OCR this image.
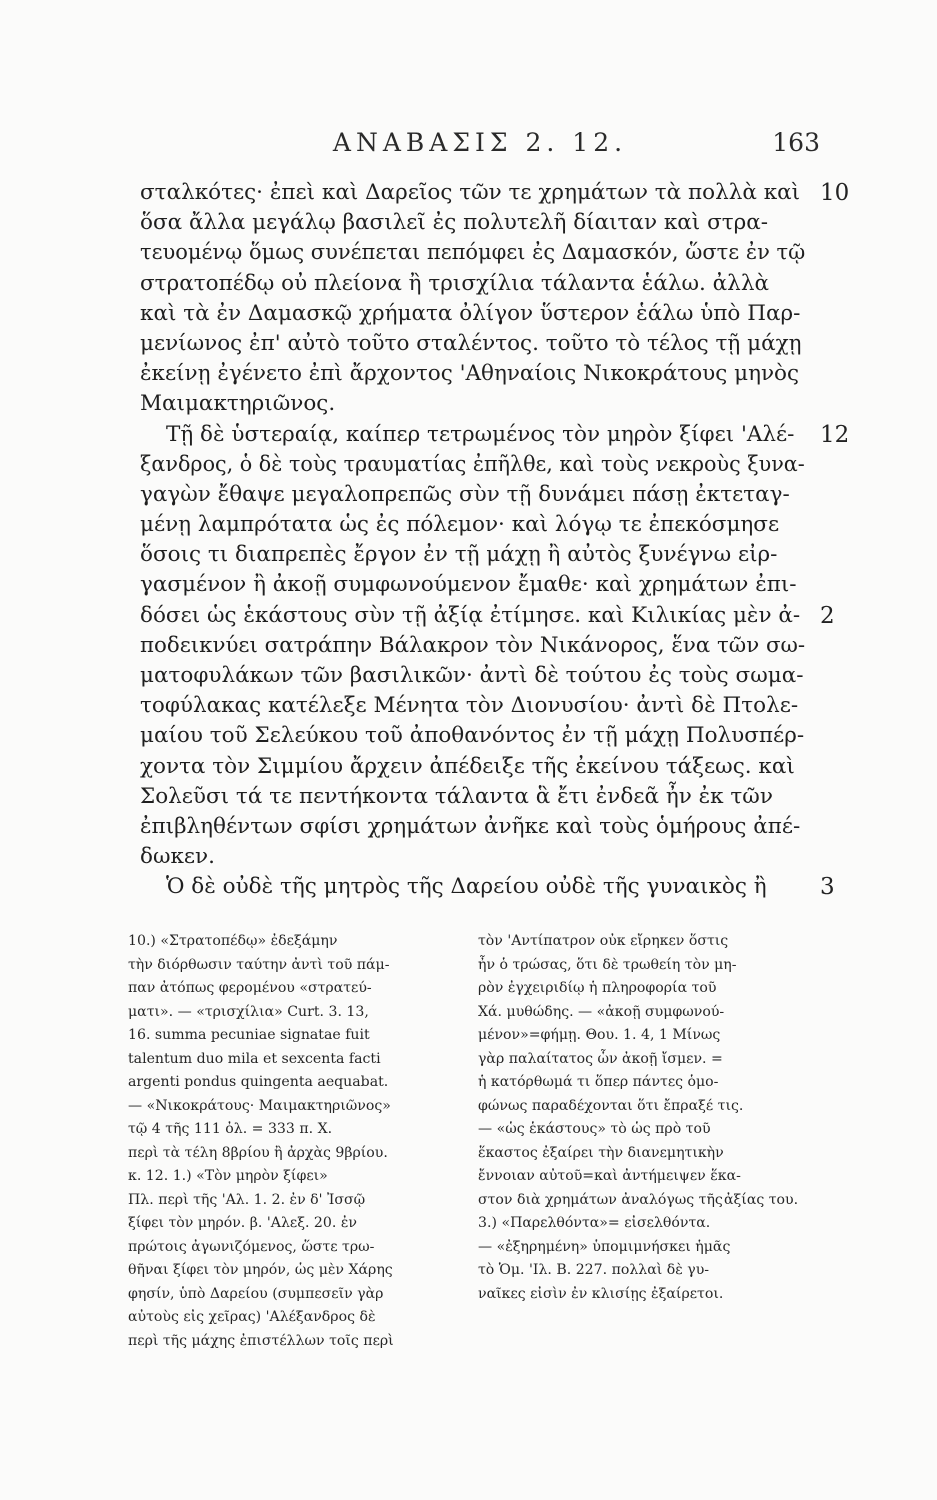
ΑΝΑΒΑΣΙΣ 2. 12.	163
σταλκότες· ἐπεὶ καὶ Δαρεῖος τῶν τε χρημάτων τὰ πολλὰ καὶ 10
ὅσα ἄλλα μεγάλῳ βασιλεῖ ἐς πολυτελῆ δίαιταν καὶ στρα-
τευομένῳ ὅμως συνέπεται πεπόμφει ἐς Δαμασκόν, ὥστε ἐν τῷ
στρατοπέδῳ οὐ πλείονα ἢ τρισχίλια τάλαντα ἑάλω. ἀλλὰ
καὶ τὰ ἐν Δαμασκῷ χρήματα ὀλίγον ὕστερον ἑάλω ὑπὸ Παρ-
μενίωνος ἐπ' αὐτὸ τοῦτο σταλέντος. τοῦτο τὸ τέλος τῇ μάχῃ
ἐκείνῃ ἐγένετο ἐπὶ ἄρχοντος 'Αθηναίοις Νικοκράτους μηνὸς
Μαιμακτηριῶνος.
Τῇ δὲ ὑστεραίᾳ, καίπερ τετρωμένος τὸν μηρὸν ξίφει 'Αλέ- 12
ξανδρος, ὁ δὲ τοὺς τραυματίας ἐπῆλθε, καὶ τοὺς νεκροὺς ξυνα-
γαγὼν ἔθαψε μεγαλοπρεπῶς σὺν τῇ δυνάμει πάσῃ ἐκτεταγ-
μένῃ λαμπρότατα ὡς ἐς πόλεμον· καὶ λόγῳ τε ἐπεκόσμησε
ὅσοις τι διαπρεπὲς ἔργον ἐν τῇ μάχῃ ἢ αὐτὸς ξυνέγνω εἰρ-
γασμένον ἢ ἀκοῇ συμφωνούμενον ἔμαθε· καὶ χρημάτων ἐπι-
δόσει ὡς ἑκάστους σὺν τῇ ἀξίᾳ ἐτίμησε. καὶ Κιλικίας μὲν ἀ- 2
ποδεικνύει σατράπην Βάλακρον τὸν Νικάνορος, ἕνα τῶν σω-
ματοφυλάκων τῶν βασιλικῶν· ἀντὶ δὲ τούτου ἐς τοὺς σωμα-
τοφύλακας κατέλεξε Μένητα τὸν Διονυσίου· ἀντὶ δὲ Πτολε-
μαίου τοῦ Σελεύκου τοῦ ἀποθανόντος ἐν τῇ μάχῃ Πολυσπέρ-
χοντα τὸν Σιμμίου ἄρχειν ἀπέδειξε τῆς ἐκείνου τάξεως. καὶ
Σολεῦσι τά τε πεντήκοντα τάλαντα ἃ ἔτι ἐνδεᾶ ἦν ἐκ τῶν
ἐπιβληθέντων σφίσι χρημάτων ἀνῆκε καὶ τοὺς ὁμήρους ἀπέ-
δωκεν.
Ὁ δὲ οὐδὲ τῆς μητρὸς τῆς Δαρείου οὐδὲ τῆς γυναικὸς ἢ 3
10.) «Στρατοπέδῳ» ἐδεξάμηντὴν διόρθωσιν ταύτην ἀντὶ τοῦ πάμ-παν ἀτόπως φερομένου «στρατεύ-ματι». — «τρισχίλια» Curt. 3. 13,16. summa pecuniae signatae fuittalentum duo mila et sexcenta factiargenti pondus quingenta aequabat.— «Νικοκράτους· Μαιμακτηριῶνος»τῷ 4 τῆς 111 ὀλ. = 333 π. Χ.περὶ τὰ τέλη 8βρίου ἢ ἀρχὰς 9βρίου.κ. 12. 1.) «Τὸν μηρὸν ξίφει»Πλ. περὶ τῆς 'Αλ. 1. 2. ἐν δ' Ἰσσῷξίφει τὸν μηρόν. β. 'Αλεξ. 20. ἐνπρώτοις ἀγωνιζόμενος, ὥστε τρω-θῆναι ξίφει τὸν μηρόν, ὡς μὲν Χάρηςφησίν, ὑπὸ Δαρείου (συμπεσεῖν γὰραὐτοὺς εἰς χεῖρας) 'Αλέξανδρος δὲπερὶ τῆς μάχης ἐπιστέλλων τοῖς περὶ
τὸν 'Αντίπατρον οὐκ εἴρηκεν ὅστιςἦν ὁ τρώσας, ὅτι δὲ τρωθείη τὸν μη-ρὸν ἐγχειριδίῳ ἡ πληροφορία τοῦΧά. μυθώδης. — «ἀκοῇ συμφωνού-μένον»=φήμῃ. Θου. 1. 4, 1 Μίνωςγὰρ παλαίτατος ὧν ἀκοῇ ἴσμεν. =ἡ κατόρθωμά τι ὅπερ πάντες ὁμο-φώνως παραδέχονται ὅτι ἔπραξέ τις.— «ὡς ἑκάστους» τὸ ὡς πρὸ τοῦἕκαστος ἐξαίρει τὴν διανεμητικὴνἔννοιαν αὐτοῦ=καὶ ἀντήμειψεν ἕκα-στον διὰ χρημάτων ἀναλόγως τῆςἀξίας του.3.) «Παρελθόντα»= εἰσελθόντα.— «ἐξηρημένη» ὑπομιμνήσκει ἡμᾶςτὸ Ὁμ. 'Ιλ. Β. 227. πολλαὶ δὲ γυ-ναῖκες εἰσὶν ἐν κλισίῃς ἐξαίρετοι.
